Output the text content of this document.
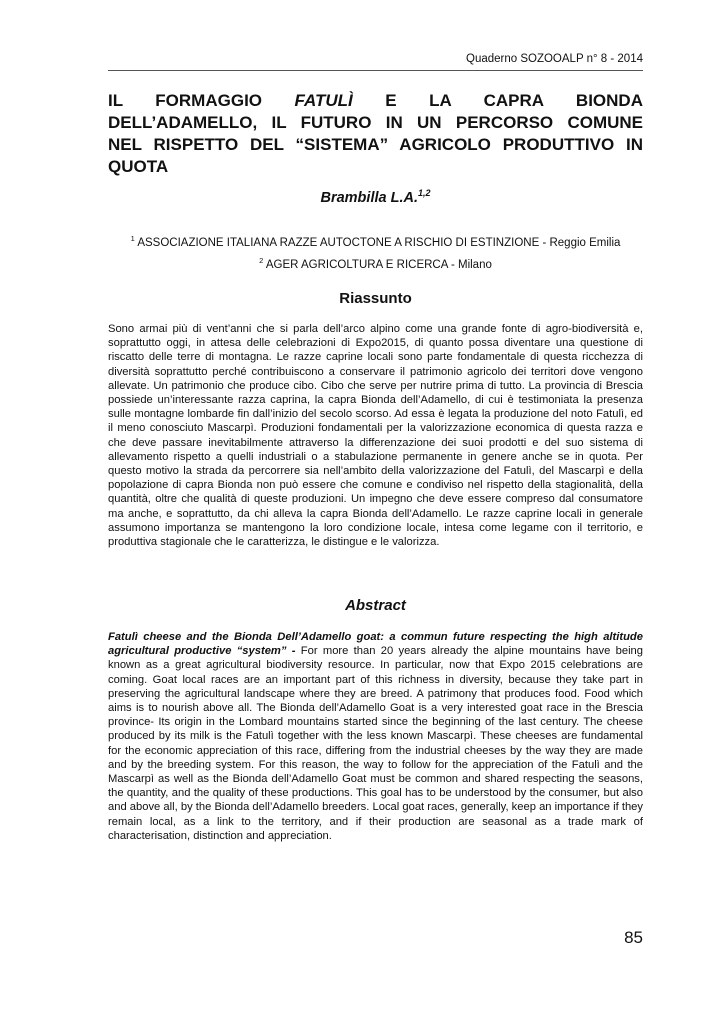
Quaderno SOZOOALP n° 8 - 2014
IL FORMAGGIO FATULÌ E LA CAPRA BIONDA
DELL’ADAMELLO, IL FUTURO IN UN PERCORSO COMUNE
NEL RISPETTO DEL “SISTEMA” AGRICOLO PRODUTTIVO IN
QUOTA
Brambilla L.A.$^{1,2}$
$^1$ ASSOCIAZIONE ITALIANA RAZZE AUTOCTONE A RISCHIO DI ESTINZIONE - Reggio Emilia
$^2$ AGER AGRICOLTURA E RICERCA - Milano
Riassunto

Sono armai più di vent’anni che si parla dell’arco alpino come una grande fonte di agro-biodiversità e, soprattutto oggi, in attesa delle celebrazioni di Expo2015, di quanto possa diventare una questione di riscatto delle terre di montagna. Le razze caprine locali sono parte fondamentale di questa ricchezza di diversità soprattutto perché contribuiscono a conservare il patrimonio agricolo dei territori dove vengono allevate. Un patrimonio che produce cibo. Cibo che serve per nutrire prima di tutto. La provincia di Brescia possiede un’interessante razza caprina, la capra Bionda dell’Adamello, di cui è testimoniata la presenza sulle montagne lombarde fin dall’inizio del secolo scorso. Ad essa è legata la produzione del noto Fatulì, ed il meno conosciuto Mascarpì. Produzioni fondamentali per la valorizzazione economica di questa razza e che deve passare inevitabilmente attraverso la differenzazione dei suoi prodotti e del suo sistema di allevamento rispetto a quelli industriali o a stabulazione permanente in genere anche se in quota. Per questo motivo la strada da percorrere sia nell’ambito della valorizzazione del Fatulì, del Mascarpì e della popolazione di capra Bionda non può essere che comune e condiviso nel rispetto della stagionalità, della quantità, oltre che qualità di queste produzioni. Un impegno che deve essere compreso dal consumatore ma anche, e soprattutto, da chi alleva la capra Bionda dell’Adamello. Le razze caprine locali in generale assumono importanza se mantengono la loro condizione locale, intesa come legame con il territorio, e produttiva stagionale che le caratterizza, le distingue e le valorizza.

Abstract

Fatulì cheese and the Bionda Dell’Adamello goat: a commun future respecting the high altitude agricultural productive “system” - For more than 20 years already the alpine mountains have being known as a great agricultural biodiversity resource. In particular, now that Expo 2015 celebrations are coming. Goat local races are an important part of this richness in diversity, because they take part in preserving the agricultural landscape where they are breed. A patrimony that produces food. Food which aims is to nourish above all. The Bionda dell’Adamello Goat is a very interested goat race in the Brescia province- Its origin in the Lombard mountains started since the beginning of the last century. The cheese produced by its milk is the Fatulì together with the less known Mascarpì. These cheeses are fundamental for the economic appreciation of this race, differing from the industrial cheeses by the way they are made and by the breeding system. For this reason, the way to follow for the appreciation of the Fatulì and the Mascarpì as well as the Bionda dell’Adamello Goat must be common and shared respecting the seasons, the quantity, and the quality of these productions. This goal has to be understood by the consumer, but also and above all, by the Bionda dell’Adamello breeders. Local goat races, generally, keep an importance if they remain local, as a link to the territory, and if their production are seasonal as a trade mark of characterisation, distinction and appreciation.

85
